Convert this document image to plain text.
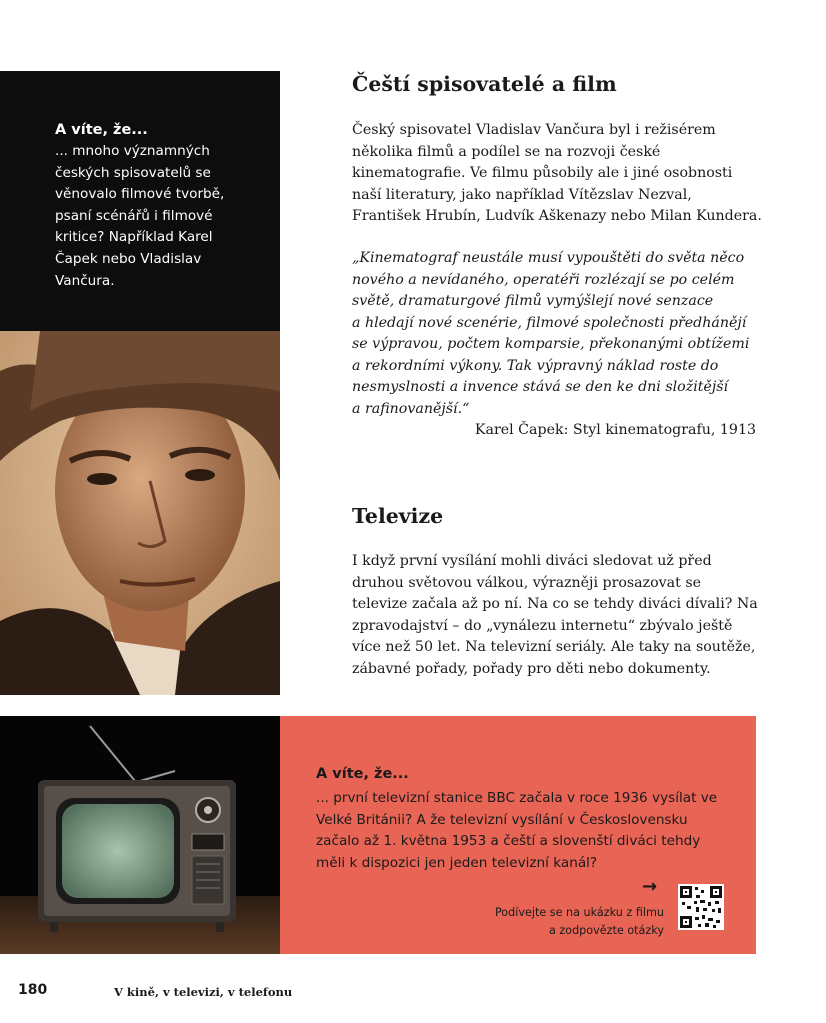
A víte, že...
... mnoho významných
českých spisovatelů se
věnovalo filmové tvorbě,
psaní scénářů i filmové
kritice? Například Karel
Čapek nebo Vladislav
Vančura.
Čeští spisovatelé a film
Český spisovatel Vladislav Vančura byl i režisérem
několika filmů a podílel se na rozvoji české
kinematografie. Ve filmu působily ale i jiné osobnosti
naší literatury, jako například Vítězslav Nezval,
František Hrubín, Ludvík Aškenazy nebo Milan Kundera.
„Kinematograf neustále musí vypouštěti do světa něco
nového a nevídaného, operatéři rozlézají se po celém
světě, dramaturgové filmů vymýšlejí nové senzace
a hledají nové scenérie, filmové společnosti předhánějí
se výpravou, počtem komparsie, překonanými obtížemi
a rekordními výkony. Tak výpravný náklad roste do
nesmyslnosti a invence stává se den ke dni složitější
a rafinovanější.“
Karel Čapek: Styl kinematografu, 1913
Televize
I když první vysílání mohli diváci sledovat už před
druhou světovou válkou, výrazněji prosazovat se
televize začala až po ní. Na co se tehdy diváci dívali? Na
zpravodajství – do „vynálezu internetu“ zbývalo ještě
více než 50 let. Na televizní seriály. Ale taky na soutěže,
zábavné pořady, pořady pro děti nebo dokumenty.
A víte, že...
... první televizní stanice BBC začala v roce 1936 vysílat ve
Velké Británii? A že televizní vysílání v Československu
začalo až 1. května 1953 a čeští a slovenští diváci tehdy
měli k dispozici jen jeden televizní kanál?
→
Podívejte se na ukázku z filmu
a zodpovězte otázky
180	V kině, v televizi, v telefonu
